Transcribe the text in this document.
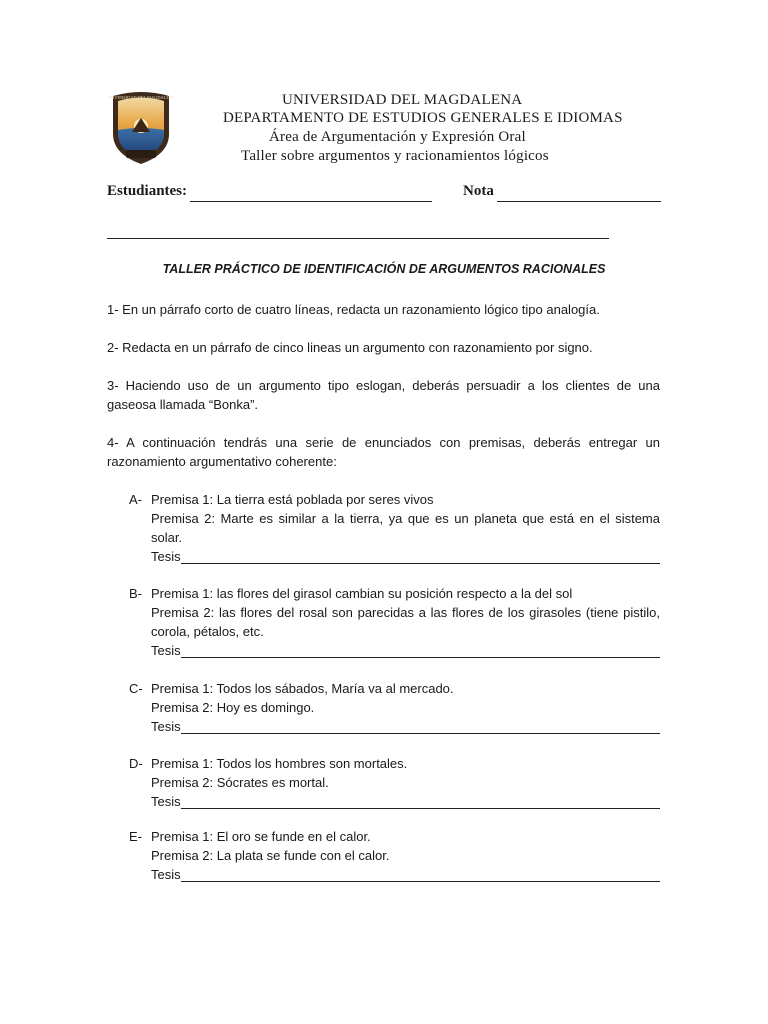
UNIVERSIDAD DEL MAGDALENA	UNIVERSIDAD DEL MAGDALENA
DEPARTAMENTO DE ESTUDIOS GENERALES E IDIOMAS
Área de Argumentación y Expresión Oral
Taller sobre argumentos y racionamientos lógicos
Estudiantes:	Nota
TALLER PRÁCTICO DE IDENTIFICACIÓN DE ARGUMENTOS RACIONALES
1- En un párrafo corto de cuatro líneas, redacta un razonamiento lógico tipo analogía.
2- Redacta en un párrafo de cinco lineas un argumento con razonamiento por signo.
3- Haciendo uso de un argumento tipo eslogan, deberás persuadir a los clientes de una gaseosa llamada “Bonka”.
4- A continuación tendrás una serie de enunciados con premisas, deberás entregar un razonamiento argumentativo coherente:
A- Premisa 1: La tierra está poblada por seres vivos
Premisa 2: Marte es similar a la tierra, ya que es un planeta que está en el sistema solar.
Tesis
B- Premisa 1: las flores del girasol cambian su posición respecto a la del sol
Premisa 2: las flores del rosal son parecidas a las flores de los girasoles (tiene pistilo, corola, pétalos, etc.
Tesis
C- Premisa 1: Todos los sábados, María va al mercado.
Premisa 2: Hoy es domingo.
Tesis
D- Premisa 1: Todos los hombres son mortales.
Premisa 2: Sócrates es mortal.
Tesis
E- Premisa 1: El oro se funde en el calor.
Premisa 2: La plata se funde con el calor.
Tesis
